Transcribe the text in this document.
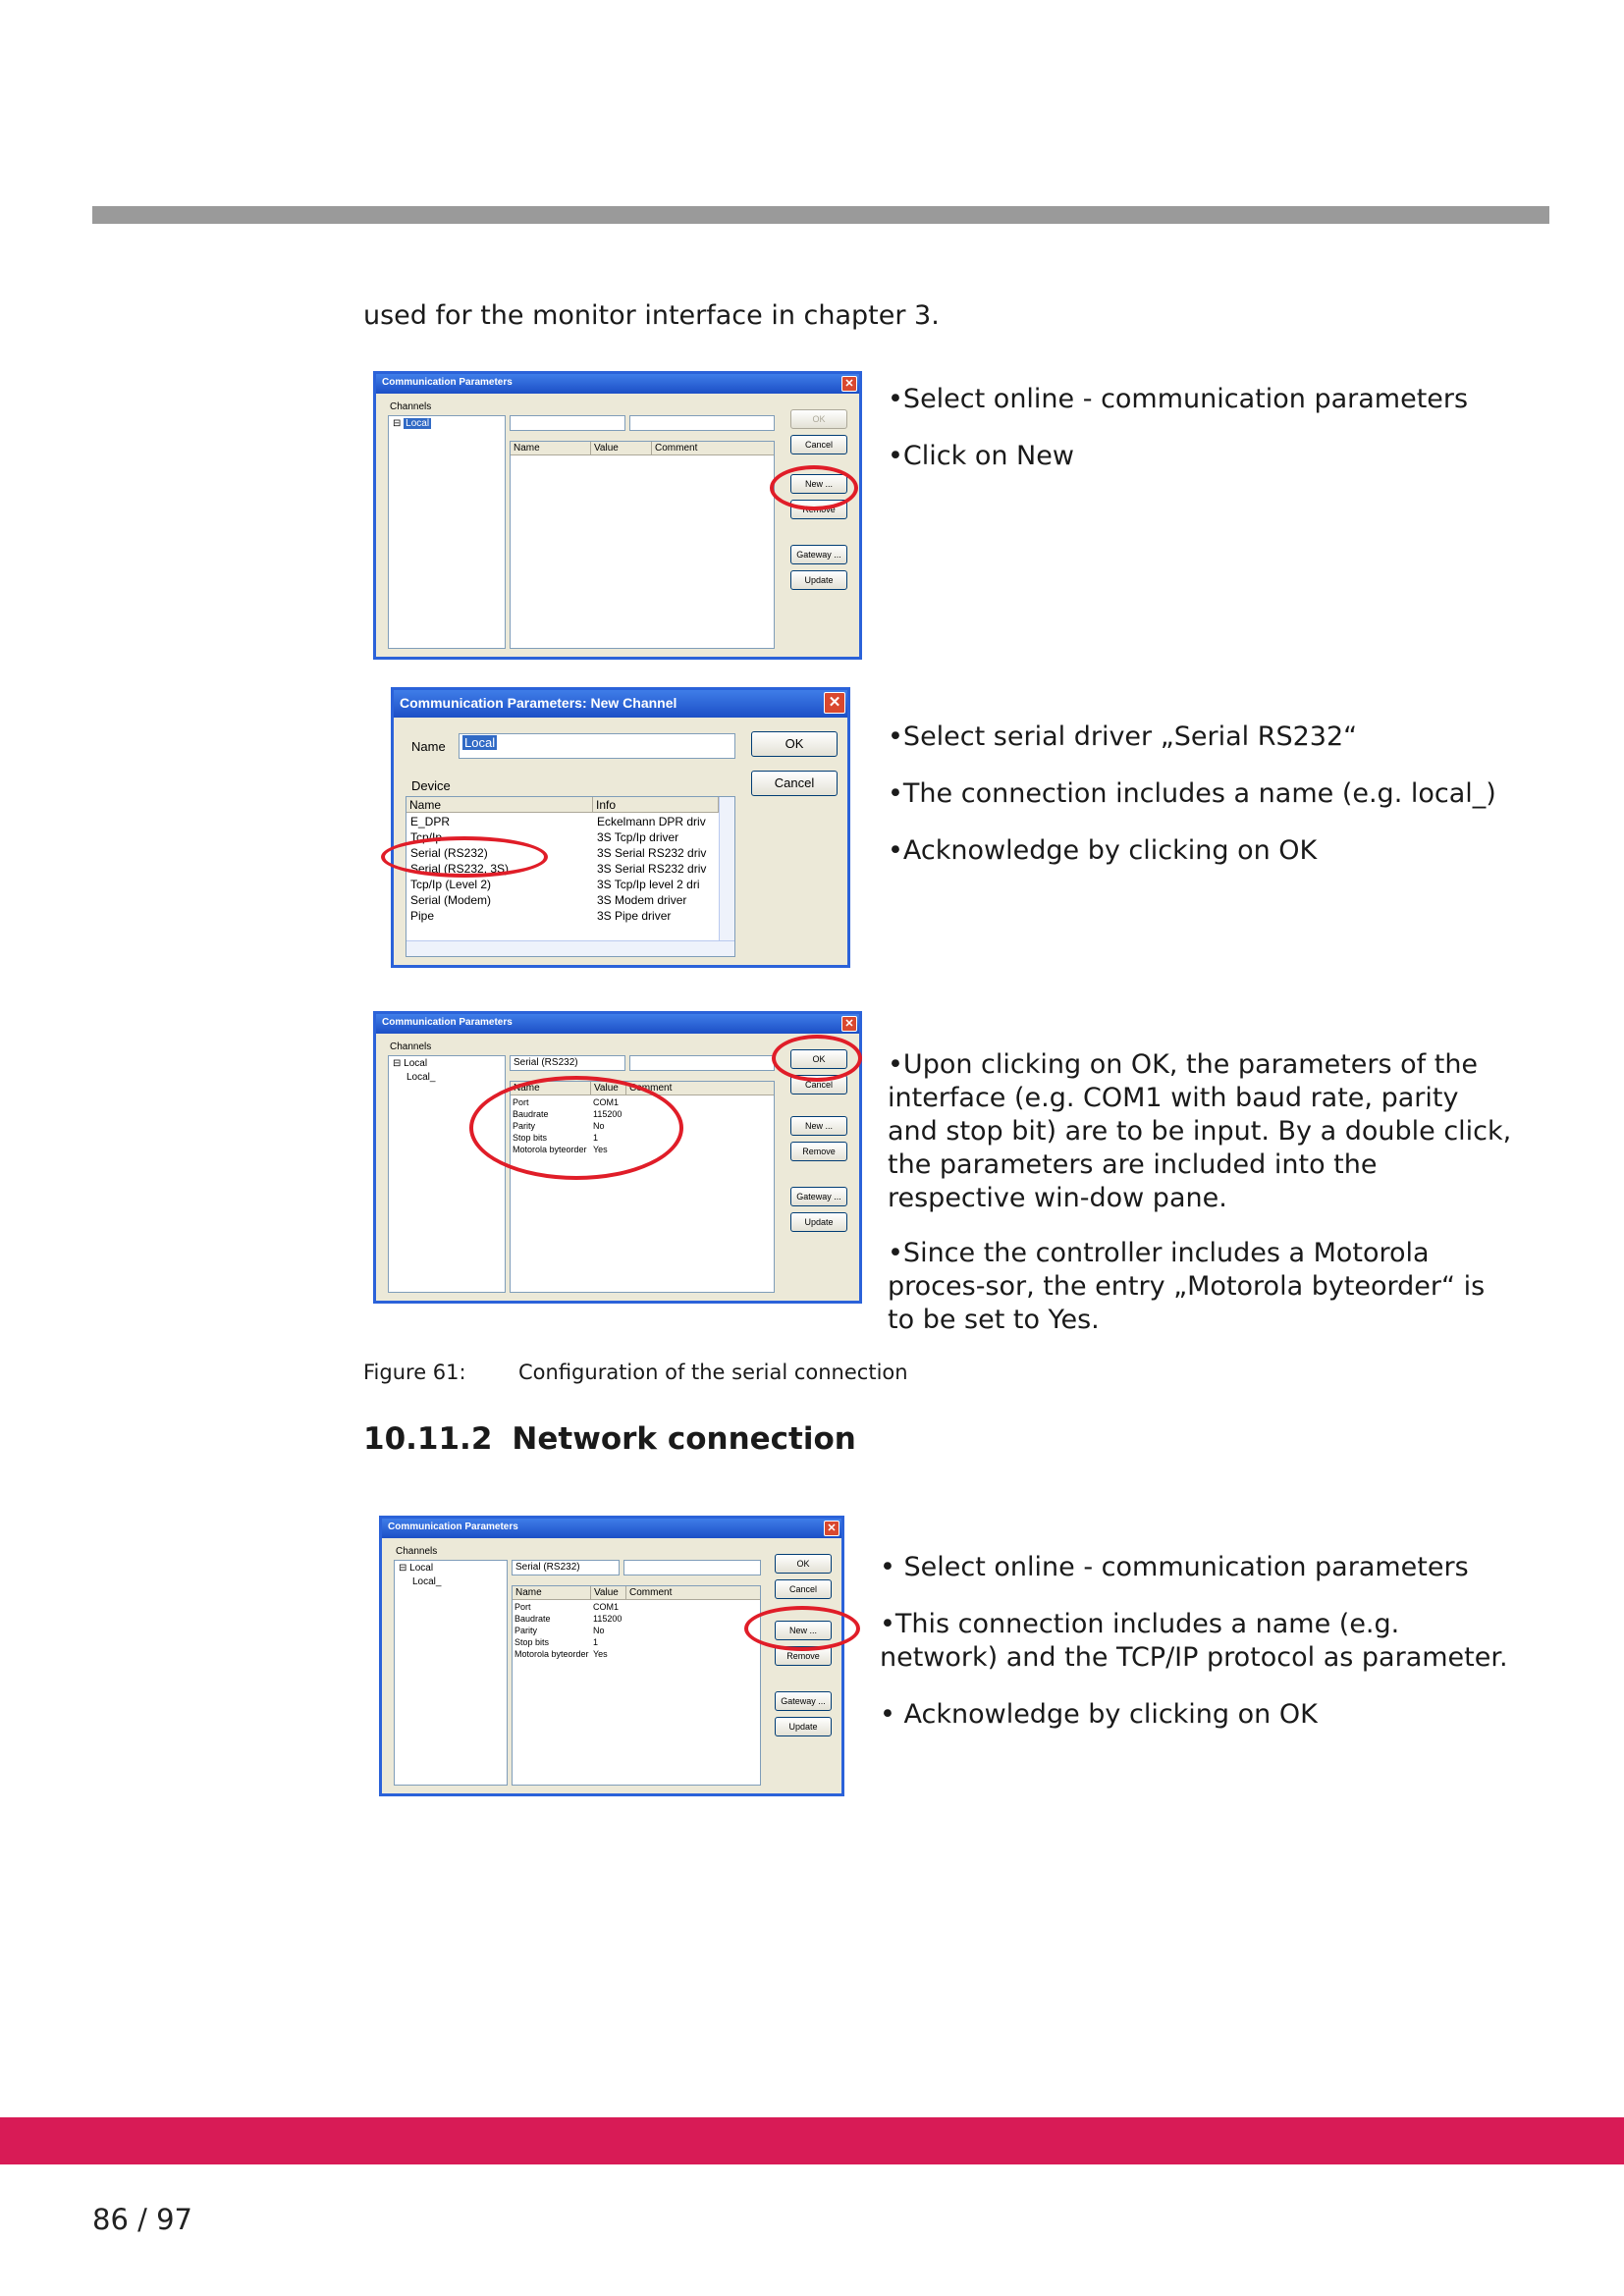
used for the monitor interface in chapter 3.
Communication Parameters	✕
Channels
⊟ Local
Name	Value	Comment
OK
Cancel
New ...
Remove
Gateway ...
Update
•Select online - communication parameters
•Click on New
Communication Parameters: New Channel	✕
Name	Local
Device
Name	Info
E_DPR	Eckelmann DPR driv
Tcp/Ip	3S Tcp/Ip driver
Serial (RS232)	3S Serial RS232 driv
Serial (RS232, 3S)	3S Serial RS232 driv
Tcp/Ip (Level 2)	3S Tcp/Ip level 2 dri
Serial (Modem)	3S Modem driver
Pipe	3S Pipe driver
OK
Cancel
•Select serial driver „Serial RS232“
•The connection includes a name (e.g. local_)
•Acknowledge by clicking on OK
Communication Parameters	✕
Channels
⊟ Local
Local_
Serial (RS232)
Name	Value	Comment
Port	COM1
Baudrate	115200
Parity	No
Stop bits	1
Motorola byteorder Yes
OK
Cancel
New ...
Remove
Gateway ...
Update
•Upon clicking on OK, the parameters of the interface (e.g. COM1 with baud rate, parity and stop bit) are to be input. By a double click, the parameters are included into the respective win-dow pane.
•Since the controller includes a Motorola proces-sor, the entry „Motorola byteorder“ is to be set to Yes.
Figure 61:	Configuration of the serial connection
10.11.2 Network connection
Communication Parameters	✕
Channels
⊟ Local
Local_
Serial (RS232)
Name	Value	Comment
Port	COM1
Baudrate	115200
Parity	No
Stop bits	1
Motorola byteorder Yes
OK
Cancel
New ...
Remove
Gateway ...
Update
• Select online - communication parameters
•This connection includes a name (e.g. network) and the TCP/IP protocol as parameter.
• Acknowledge by clicking on OK
86 / 97
